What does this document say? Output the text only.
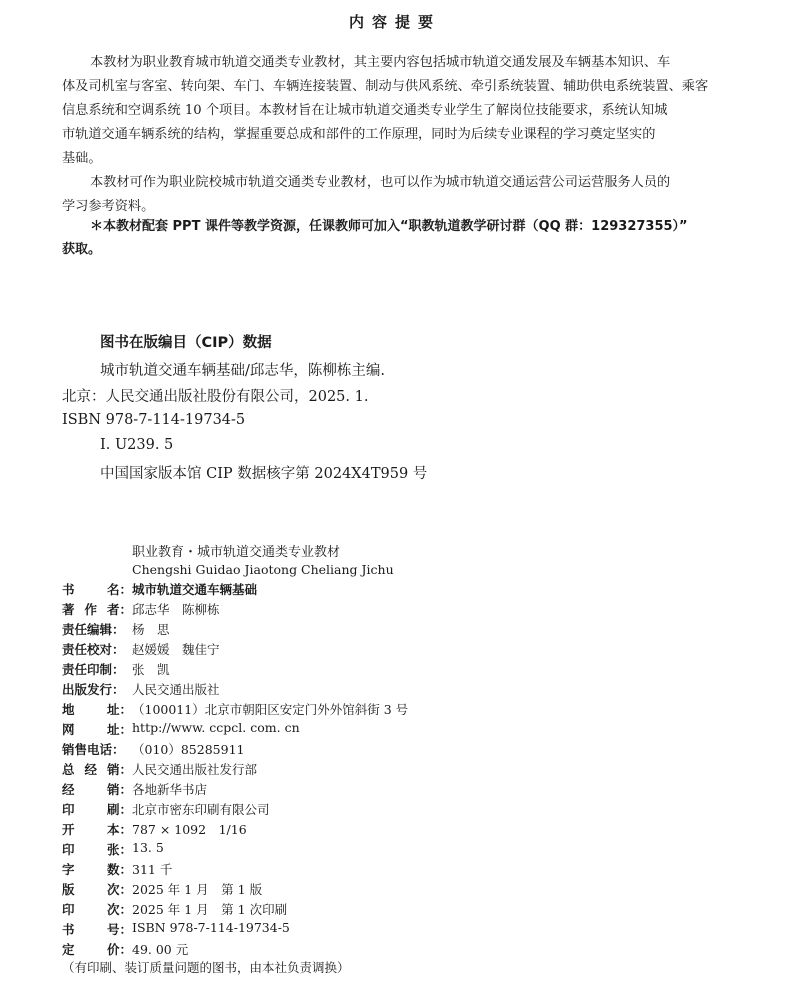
内容提要
本教材为职业教育城市轨道交通类专业教材，其主要内容包括城市轨道交通发展及车辆基本知识、车
体及司机室与客室、转向架、车门、车辆连接装置、制动与供风系统、牵引系统装置、辅助供电系统装置、乘客
信息系统和空调系统 10 个项目。本教材旨在让城市轨道交通类专业学生了解岗位技能要求，系统认知城
市轨道交通车辆系统的结构，掌握重要总成和部件的工作原理，同时为后续专业课程的学习奠定坚实的
基础。
本教材可作为职业院校城市轨道交通类专业教材，也可以作为城市轨道交通运营公司运营服务人员的
学习参考资料。
＊本教材配套 PPT 课件等教学资源，任课教师可加入“职教轨道教学研讨群（QQ 群：129327355）”
获取。
图书在版编目（CIP）数据
城市轨道交通车辆基础/邱志华，陈柳栋主编.
北京：人民交通出版社股份有限公司，2025. 1.
ISBN 978-7-114-19734-5
Ⅰ. U239. 5
中国国家版本馆 CIP 数据核字第 2024X4T959 号
职业教育・城市轨道交通类专业教材
Chengshi Guidao Jiaotong Cheliang Jichu
书	名： 城市轨道交通车辆基础
著 作 者： 邱志华　陈柳栋
责任编辑： 杨　思
责任校对： 赵媛媛　魏佳宁
责任印制： 张　凯
出版发行： 人民交通出版社
地	址： （100011）北京市朝阳区安定门外外馆斜街 3 号
网	址： http://www. ccpcl. com. cn
销售电话： （010）85285911
总 经 销： 人民交通出版社发行部
经	销： 各地新华书店
印	刷： 北京市密东印刷有限公司
开	本： 787 × 1092　1/16
印	张： 13. 5
字	数： 311 千
版	次： 2025 年 1 月　第 1 版
印	次： 2025 年 1 月　第 1 次印刷
书	号： ISBN 978-7-114-19734-5
定	价： 49. 00 元
（有印刷、装订质量问题的图书，由本社负责调换）
